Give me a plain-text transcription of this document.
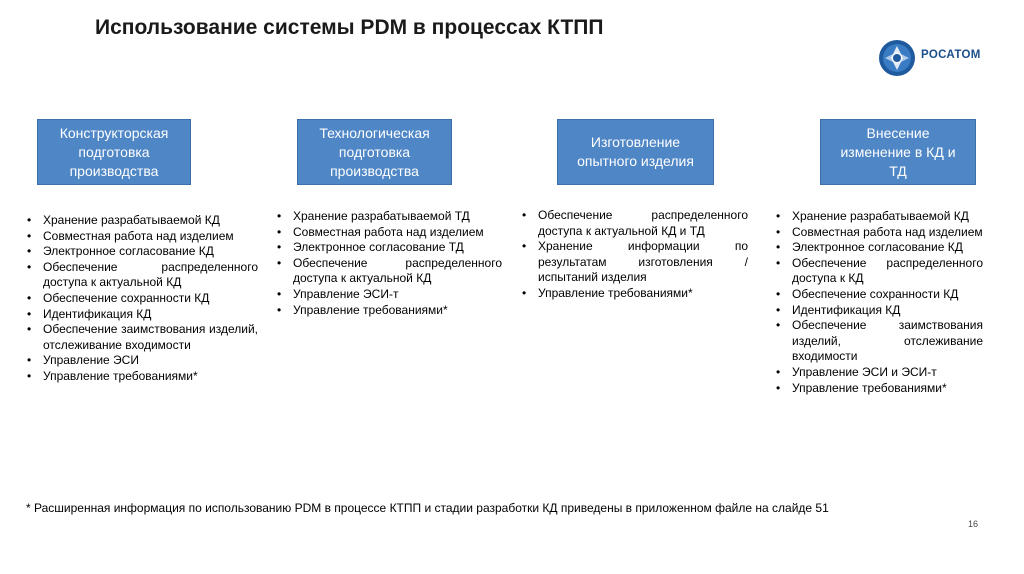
Использование системы PDM в процессах КТПП
РОСАТОМ
Конструкторская
подготовка
производства
Технологическая
подготовка
производства
Изготовление
опытного изделия
Внесение
изменение в КД и
ТД
• Хранение разрабатываемой КД
• Совместная работа над изделием
• Электронное согласование КД
• Обеспечение распределенного доступа к актуальной КД
• Обеспечение сохранности КД
• Идентификация КД
• Обеспечение заимствования изделий, отслеживание входимости
• Управление ЭСИ
• Управление требованиями*
• Хранение разрабатываемой ТД
• Совместная работа над изделием
• Электронное согласование ТД
• Обеспечение распределенного доступа к актуальной КД
• Управление ЭСИ-т
• Управление требованиями*
• Обеспечение распределенного доступа к актуальной КД и ТД
• Хранение информации по результатам изготовления / испытаний изделия
• Управление требованиями*
• Хранение разрабатываемой КД
• Совместная работа над изделием
• Электронное согласование КД
• Обеспечение распределенного доступа к КД
• Обеспечение сохранности КД
• Идентификация КД
• Обеспечение заимствования изделий, отслеживание входимости
• Управление ЭСИ и ЭСИ-т
• Управление требованиями*
* Расширенная информация по использованию PDM в процессе КТПП и стадии разработки КД приведены в приложенном файле на слайде 51
16
